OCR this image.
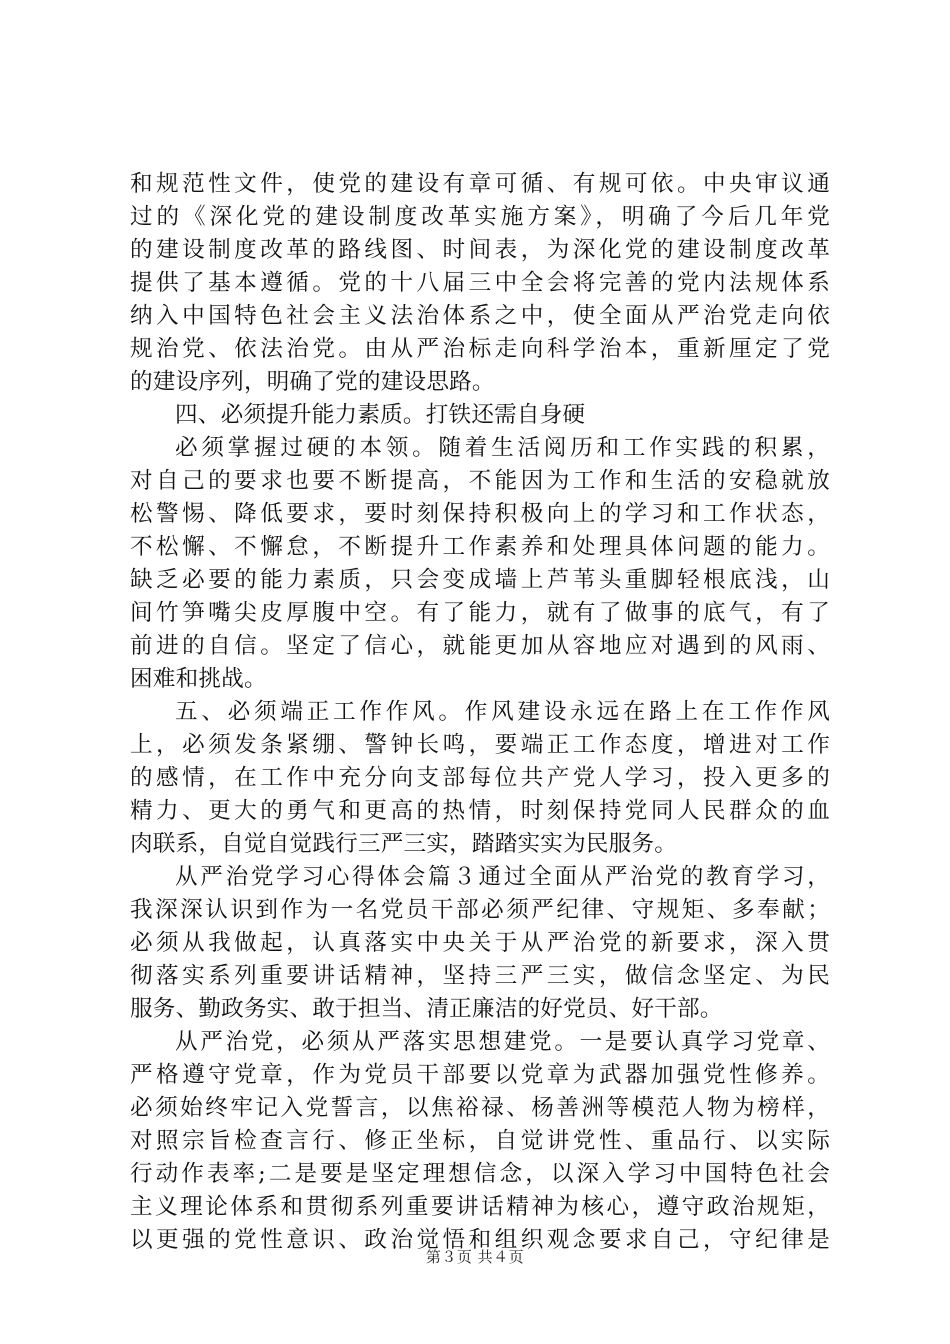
和规范性文件，使党的建设有章可循、有规可依。中央审议通
过的《深化党的建设制度改革实施方案》，明确了今后几年党
的建设制度改革的路线图、时间表，为深化党的建设制度改革
提供了基本遵循。党的十八届三中全会将完善的党内法规体系
纳入中国特色社会主义法治体系之中，使全面从严治党走向依
规治党、依法治党。由从严治标走向科学治本，重新厘定了党
的建设序列，明确了党的建设思路。
四、必须提升能力素质。打铁还需自身硬
必须掌握过硬的本领。随着生活阅历和工作实践的积累，
对自己的要求也要不断提高，不能因为工作和生活的安稳就放
松警惕、降低要求，要时刻保持积极向上的学习和工作状态，
不松懈、不懈怠，不断提升工作素养和处理具体问题的能力。
缺乏必要的能力素质，只会变成墙上芦苇头重脚轻根底浅，山
间竹笋嘴尖皮厚腹中空。有了能力，就有了做事的底气，有了
前进的自信。坚定了信心，就能更加从容地应对遇到的风雨、
困难和挑战。
五、必须端正工作作风。作风建设永远在路上在工作作风
上，必须发条紧绷、警钟长鸣，要端正工作态度，增进对工作
的感情，在工作中充分向支部每位共产党人学习，投入更多的
精力、更大的勇气和更高的热情，时刻保持党同人民群众的血
肉联系，自觉自觉践行三严三实，踏踏实实为民服务。
从严治党学习心得体会篇３通过全面从严治党的教育学习，
我深深认识到作为一名党员干部必须严纪律、守规矩、多奉献；
必须从我做起，认真落实中央关于从严治党的新要求，深入贯
彻落实系列重要讲话精神，坚持三严三实，做信念坚定、为民
服务、勤政务实、敢于担当、清正廉洁的好党员、好干部。
从严治党，必须从严落实思想建党。一是要认真学习党章、
严格遵守党章，作为党员干部要以党章为武器加强党性修养。
必须始终牢记入党誓言，以焦裕禄、杨善洲等模范人物为榜样，
对照宗旨检查言行、修正坐标，自觉讲党性、重品行、以实际
行动作表率;二是要是坚定理想信念，以深入学习中国特色社会
主义理论体系和贯彻系列重要讲话精神为核心，遵守政治规矩，
以更强的党性意识、政治觉悟和组织观念要求自己，守纪律是
第３页 共４页
